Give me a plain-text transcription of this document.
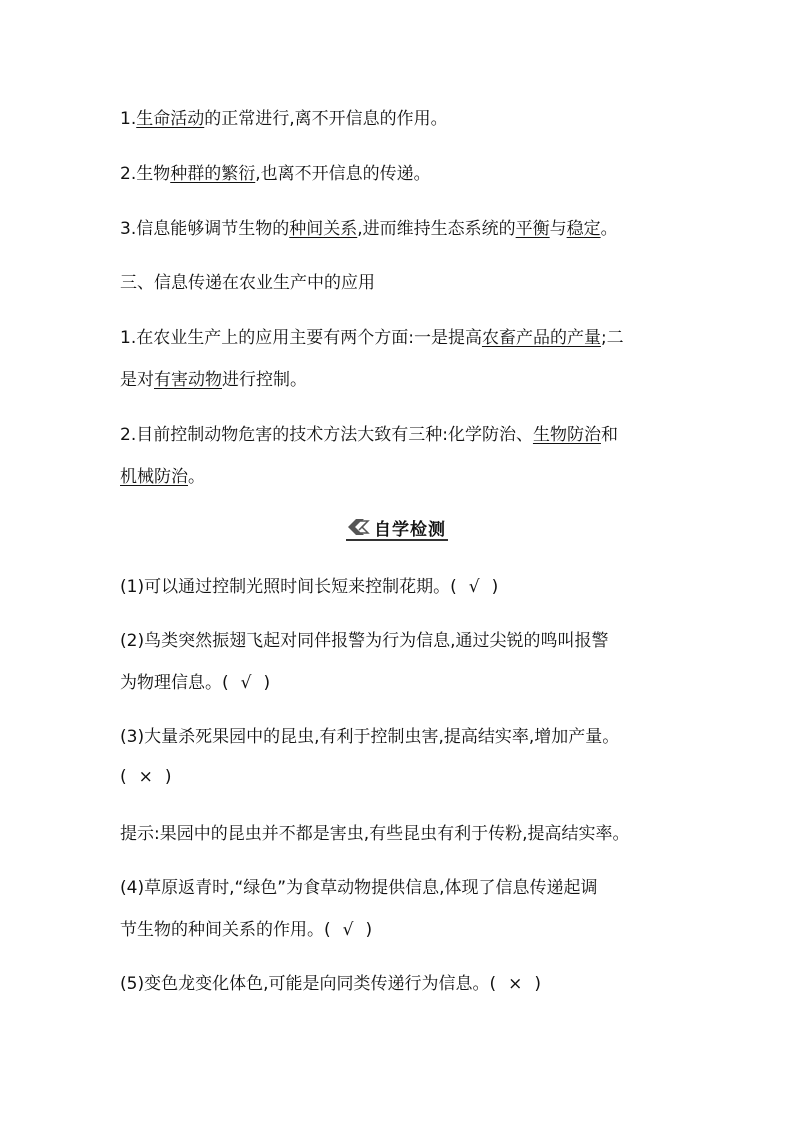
1.生命活动的正常进行,离不开信息的作用。
2.生物种群的繁衍,也离不开信息的传递。
3.信息能够调节生物的种间关系,进而维持生态系统的平衡与稳定。
三、信息传递在农业生产中的应用
1.在农业生产上的应用主要有两个方面:一是提高农畜产品的产量;二
是对有害动物进行控制。
2.目前控制动物危害的技术方法大致有三种:化学防治、生物防治和
机械防治。
自学检测
(1)可以通过控制光照时间长短来控制花期。( √ )
(2)鸟类突然振翅飞起对同伴报警为行为信息,通过尖锐的鸣叫报警
为物理信息。( √ )
(3)大量杀死果园中的昆虫,有利于控制虫害,提高结实率,增加产量。
( × )
提示:果园中的昆虫并不都是害虫,有些昆虫有利于传粉,提高结实率。
(4)草原返青时,“绿色”为食草动物提供信息,体现了信息传递起调
节生物的种间关系的作用。( √ )
(5)变色龙变化体色,可能是向同类传递行为信息。( × )
